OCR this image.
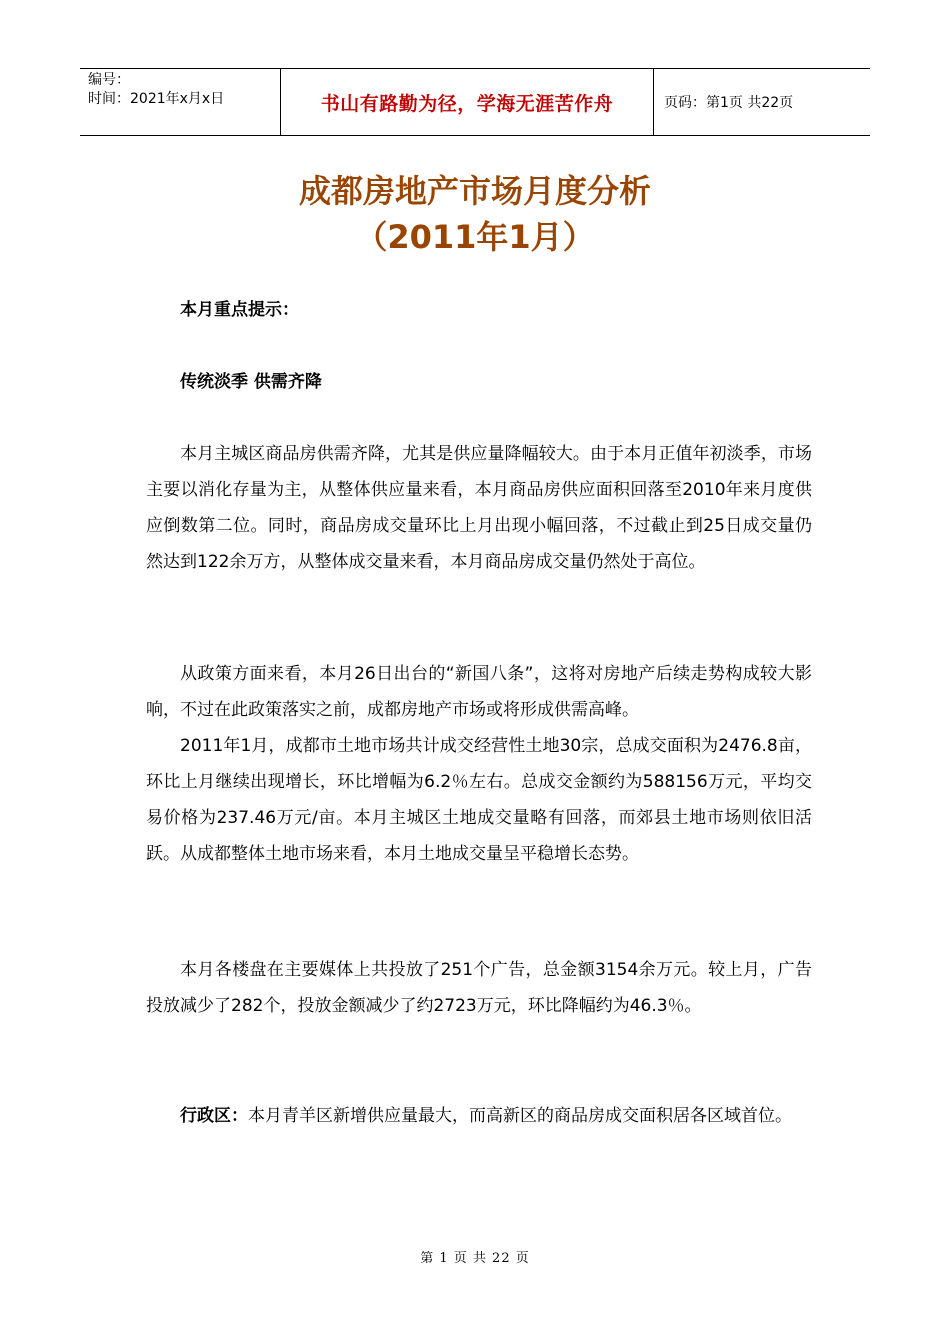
编号：
时间：2021年x月x日	书山有路勤为径，学海无涯苦作舟	页码：第1页 共22页
成都房地产市场月度分析
（2011年1月）
本月重点提示：
传统淡季 供需齐降

本月主城区商品房供需齐降，尤其是供应量降幅较大。由于本月正值年初淡季，市场主要以消化存量为主，从整体供应量来看，本月商品房供应面积回落至2010年来月度供应倒数第二位。同时，商品房成交量环比上月出现小幅回落，不过截止到25日成交量仍然达到122余万方，从整体成交量来看，本月商品房成交量仍然处于高位。

从政策方面来看，本月26日出台的“新国八条”，这将对房地产后续走势构成较大影响，不过在此政策落实之前，成都房地产市场或将形成供需高峰。

2011年1月，成都市土地市场共计成交经营性土地30宗，总成交面积为2476.8亩，环比上月继续出现增长，环比增幅为6.2％左右。总成交金额约为588156万元，平均交易价格为237.46万元/亩。本月主城区土地成交量略有回落，而郊县土地市场则依旧活跃。从成都整体土地市场来看，本月土地成交量呈平稳增长态势。

本月各楼盘在主要媒体上共投放了251个广告，总金额3154余万元。较上月，广告投放减少了282个，投放金额减少了约2723万元，环比降幅约为46.3％。

行政区：本月青羊区新增供应量最大，而高新区的商品房成交面积居各区域首位。

第 1 页 共 22 页
